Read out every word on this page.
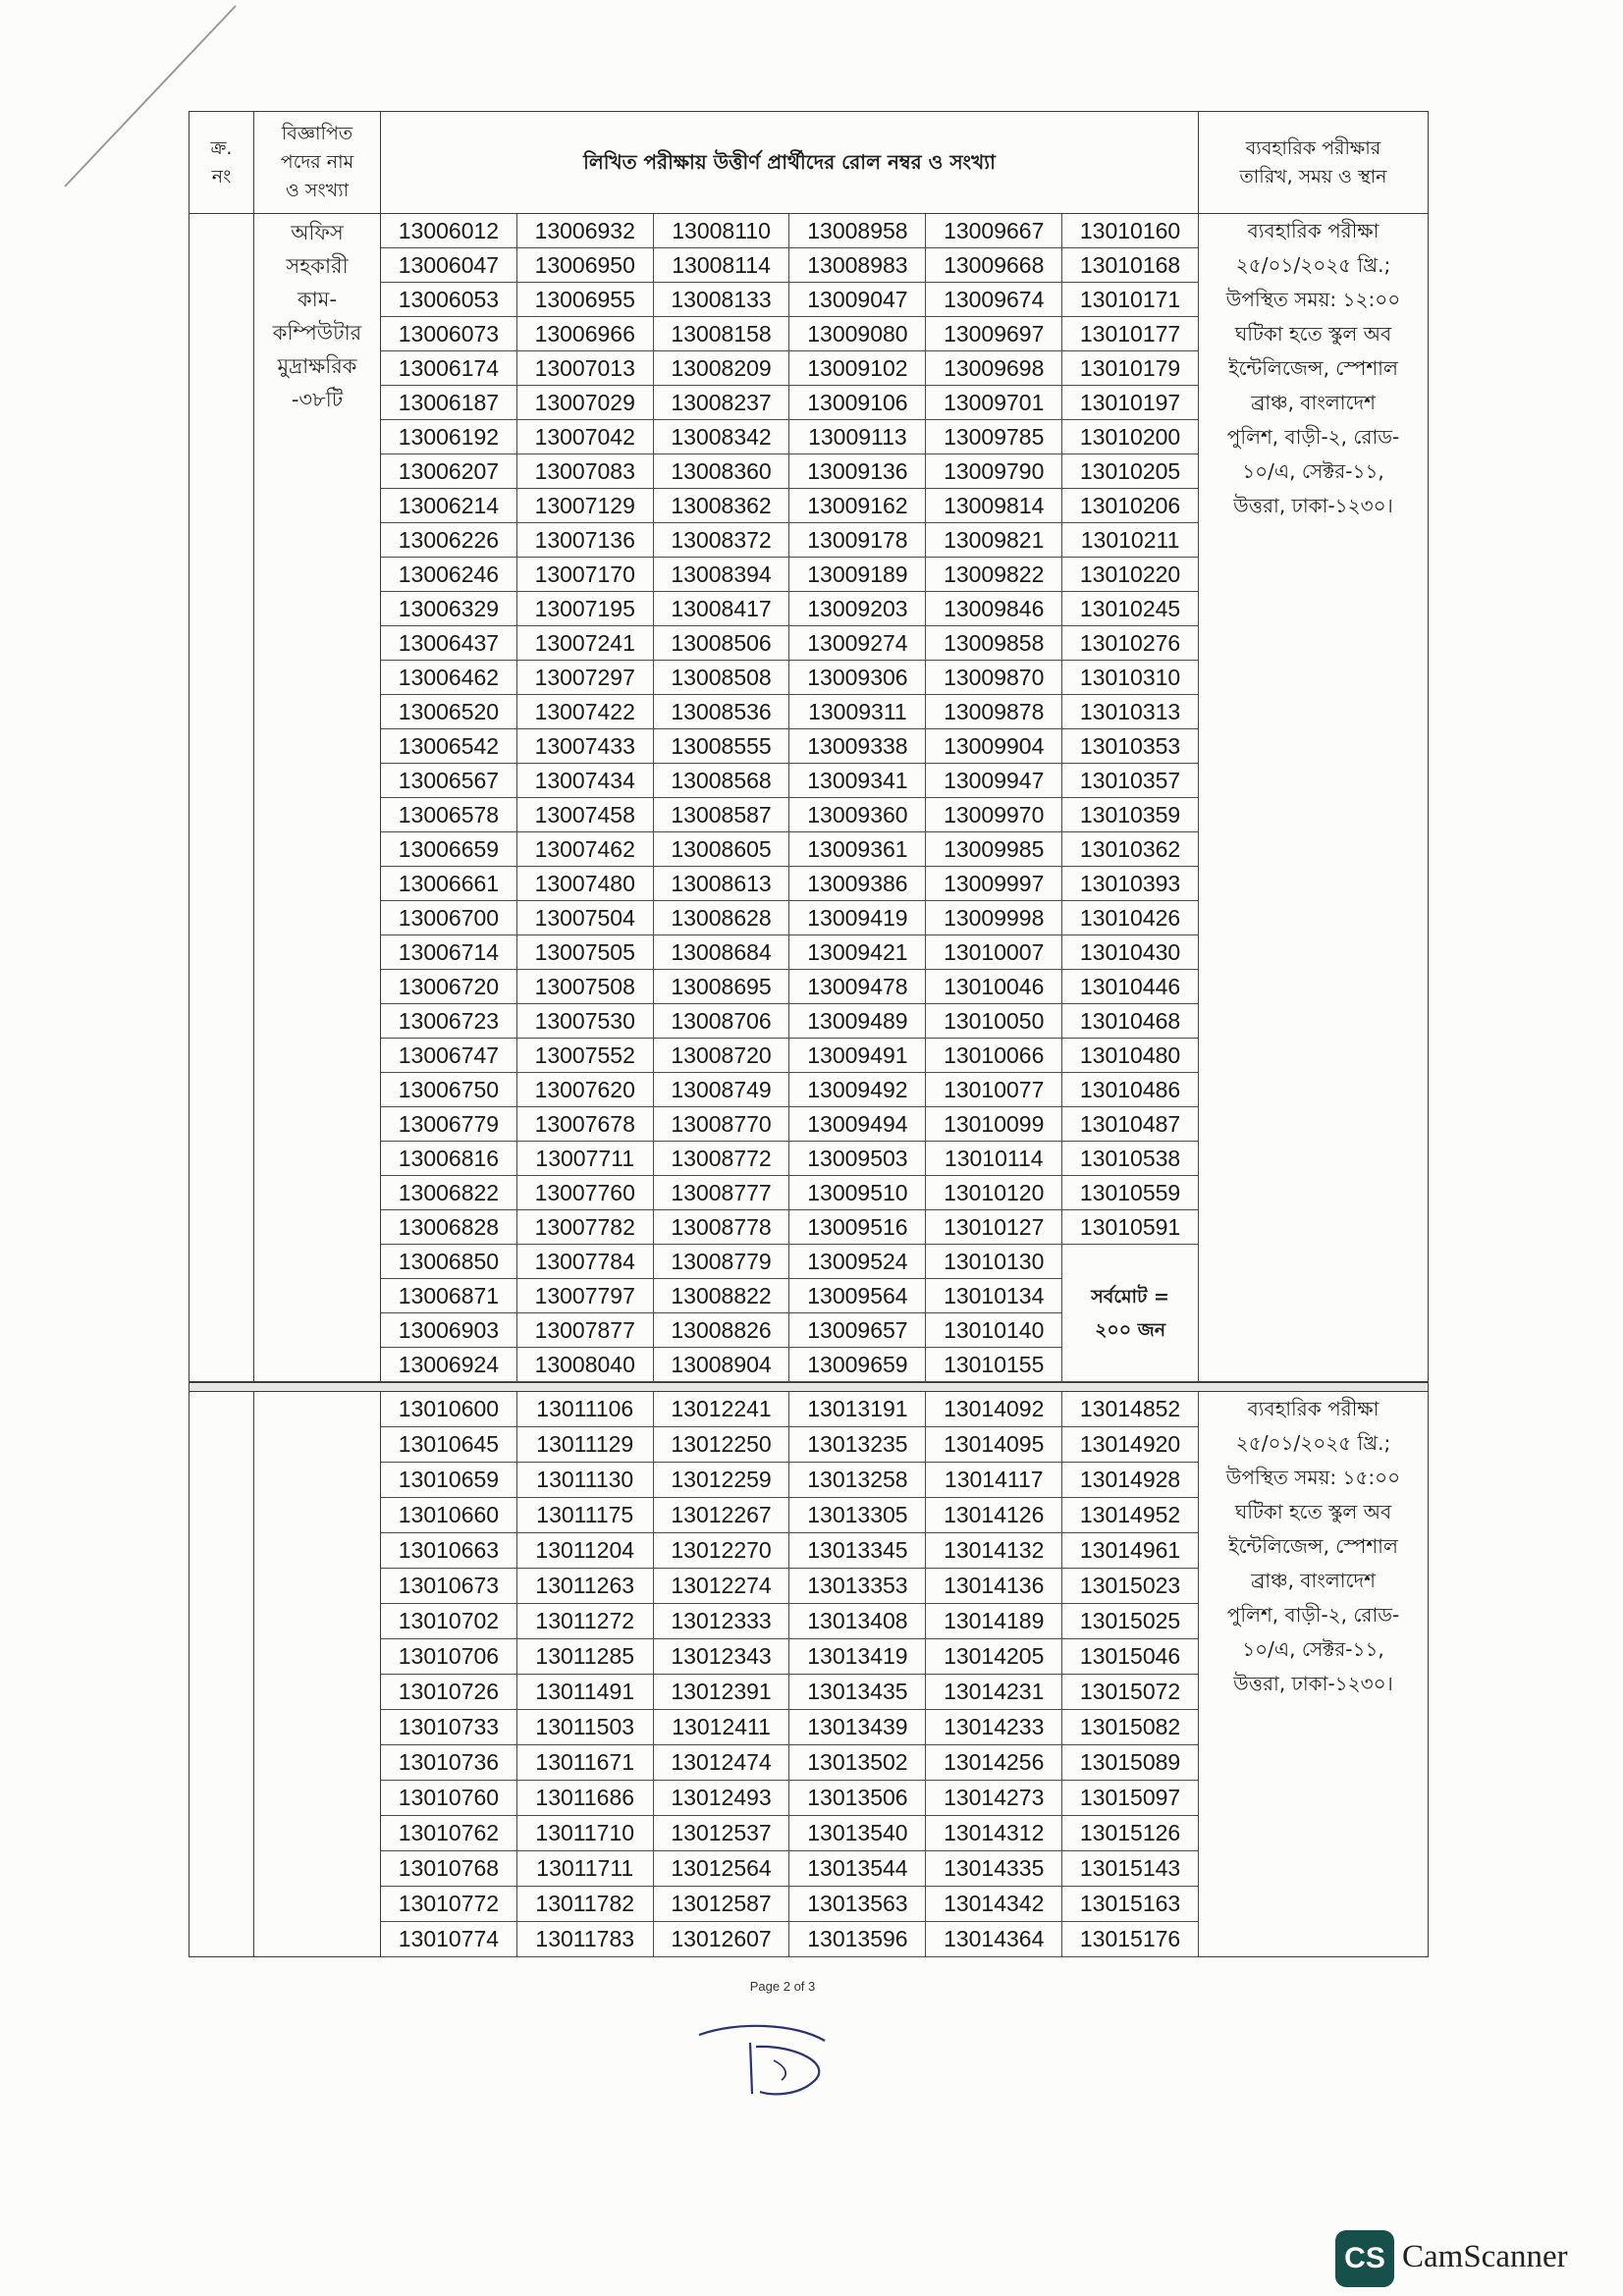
ক্র.
নং
বিজ্ঞাপিত
পদের নাম
ও সংখ্যা
লিখিত পরীক্ষায় উত্তীর্ণ প্রার্থীদের রোল নম্বর ও সংখ্যা
ব্যবহারিক পরীক্ষার
তারিখ, সময় ও স্থান
অফিস
সহকারী
কাম-
কম্পিউটার
মুদ্রাক্ষরিক
-৩৮টি
13006012
13006047
13006053
13006073
13006174
13006187
13006192
13006207
13006214
13006226
13006246
13006329
13006437
13006462
13006520
13006542
13006567
13006578
13006659
13006661
13006700
13006714
13006720
13006723
13006747
13006750
13006779
13006816
13006822
13006828
13006850
13006871
13006903
13006924
13006932
13006950
13006955
13006966
13007013
13007029
13007042
13007083
13007129
13007136
13007170
13007195
13007241
13007297
13007422
13007433
13007434
13007458
13007462
13007480
13007504
13007505
13007508
13007530
13007552
13007620
13007678
13007711
13007760
13007782
13007784
13007797
13007877
13008040
13008110
13008114
13008133
13008158
13008209
13008237
13008342
13008360
13008362
13008372
13008394
13008417
13008506
13008508
13008536
13008555
13008568
13008587
13008605
13008613
13008628
13008684
13008695
13008706
13008720
13008749
13008770
13008772
13008777
13008778
13008779
13008822
13008826
13008904
13008958
13008983
13009047
13009080
13009102
13009106
13009113
13009136
13009162
13009178
13009189
13009203
13009274
13009306
13009311
13009338
13009341
13009360
13009361
13009386
13009419
13009421
13009478
13009489
13009491
13009492
13009494
13009503
13009510
13009516
13009524
13009564
13009657
13009659
13009667
13009668
13009674
13009697
13009698
13009701
13009785
13009790
13009814
13009821
13009822
13009846
13009858
13009870
13009878
13009904
13009947
13009970
13009985
13009997
13009998
13010007
13010046
13010050
13010066
13010077
13010099
13010114
13010120
13010127
13010130
13010134
13010140
13010155
13010160
13010168
13010171
13010177
13010179
13010197
13010200
13010205
13010206
13010211
13010220
13010245
13010276
13010310
13010313
13010353
13010357
13010359
13010362
13010393
13010426
13010430
13010446
13010468
13010480
13010486
13010487
13010538
13010559
13010591
সর্বমোট =
২০০ জন
ব্যবহারিক পরীক্ষা
২৫/০১/২০২৫ খ্রি.;
উপস্থিত সময়: ১২:০০
ঘটিকা হতে স্কুল অব
ইন্টেলিজেন্স, স্পেশাল
ব্রাঞ্চ, বাংলাদেশ
পুলিশ, বাড়ী-২, রোড-
১০/এ, সেক্টর-১১,
উত্তরা, ঢাকা-১২৩০।
13010600
13010645
13010659
13010660
13010663
13010673
13010702
13010706
13010726
13010733
13010736
13010760
13010762
13010768
13010772
13010774
13011106
13011129
13011130
13011175
13011204
13011263
13011272
13011285
13011491
13011503
13011671
13011686
13011710
13011711
13011782
13011783
13012241
13012250
13012259
13012267
13012270
13012274
13012333
13012343
13012391
13012411
13012474
13012493
13012537
13012564
13012587
13012607
13013191
13013235
13013258
13013305
13013345
13013353
13013408
13013419
13013435
13013439
13013502
13013506
13013540
13013544
13013563
13013596
13014092
13014095
13014117
13014126
13014132
13014136
13014189
13014205
13014231
13014233
13014256
13014273
13014312
13014335
13014342
13014364
13014852
13014920
13014928
13014952
13014961
13015023
13015025
13015046
13015072
13015082
13015089
13015097
13015126
13015143
13015163
13015176
ব্যবহারিক পরীক্ষা
২৫/০১/২০২৫ খ্রি.;
উপস্থিত সময়: ১৫:০০
ঘটিকা হতে স্কুল অব
ইন্টেলিজেন্স, স্পেশাল
ব্রাঞ্চ, বাংলাদেশ
পুলিশ, বাড়ী-২, রোড-
১০/এ, সেক্টর-১১,
উত্তরা, ঢাকা-১২৩০।
Page 2 of 3
CS CamScanner
